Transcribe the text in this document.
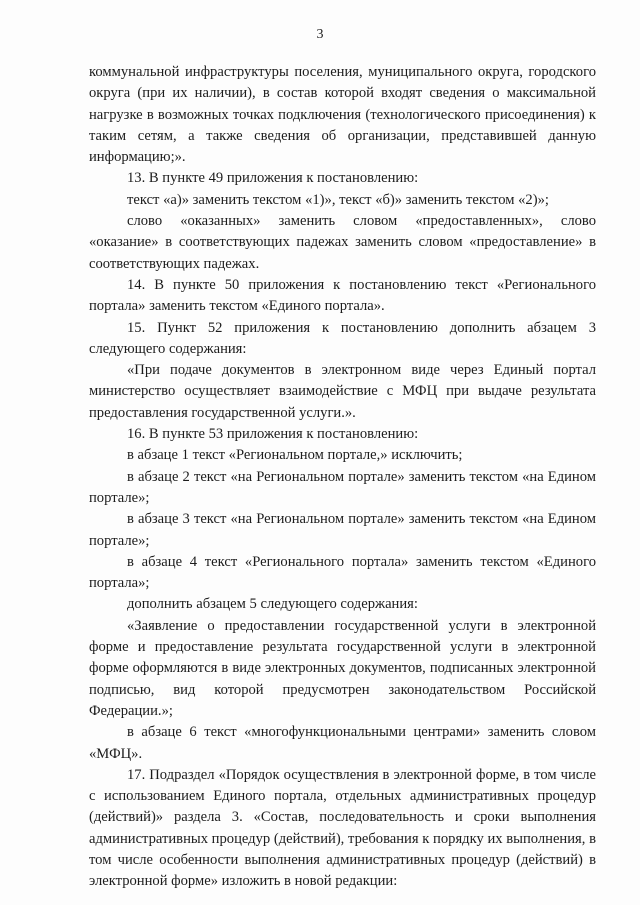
3

коммунальной инфраструктуры поселения, муниципального округа, городского округа (при их наличии), в состав которой входят сведения о максимальной нагрузке в возможных точках подключения (технологического присоединения) к таким сетям, а также сведения об организации, представившей данную информацию;».

13. В пункте 49 приложения к постановлению:

текст «а)» заменить текстом «1)», текст «б)» заменить текстом «2)»;

слово «оказанных» заменить словом «предоставленных», слово «оказание» в соответствующих падежах заменить словом «предоставление» в соответствующих падежах.

14. В пункте 50 приложения к постановлению текст «Регионального портала» заменить текстом «Единого портала».

15. Пункт 52 приложения к постановлению дополнить абзацем 3 следующего содержания:

«При подаче документов в электронном виде через Единый портал министерство осуществляет взаимодействие с МФЦ при выдаче результата предоставления государственной услуги.».

16. В пункте 53 приложения к постановлению:

в абзаце 1 текст «Региональном портале,» исключить;

в абзаце 2 текст «на Региональном портале» заменить текстом «на Едином портале»;

в абзаце 3 текст «на Региональном портале» заменить текстом «на Едином портале»;

в абзаце 4 текст «Регионального портала» заменить текстом «Единого портала»;

дополнить абзацем 5 следующего содержания:

«Заявление о предоставлении государственной услуги в электронной форме и предоставление результата государственной услуги в электронной форме оформляются в виде электронных документов, подписанных электронной подписью, вид которой предусмотрен законодательством Российской Федерации.»;

в абзаце 6 текст «многофункциональными центрами» заменить словом «МФЦ».

17. Подраздел «Порядок осуществления в электронной форме, в том числе с использованием Единого портала, отдельных административных процедур (действий)» раздела 3. «Состав, последовательность и сроки выполнения административных процедур (действий), требования к порядку их выполнения, в том числе особенности выполнения административных процедур (действий) в электронной форме» изложить в новой редакции:
